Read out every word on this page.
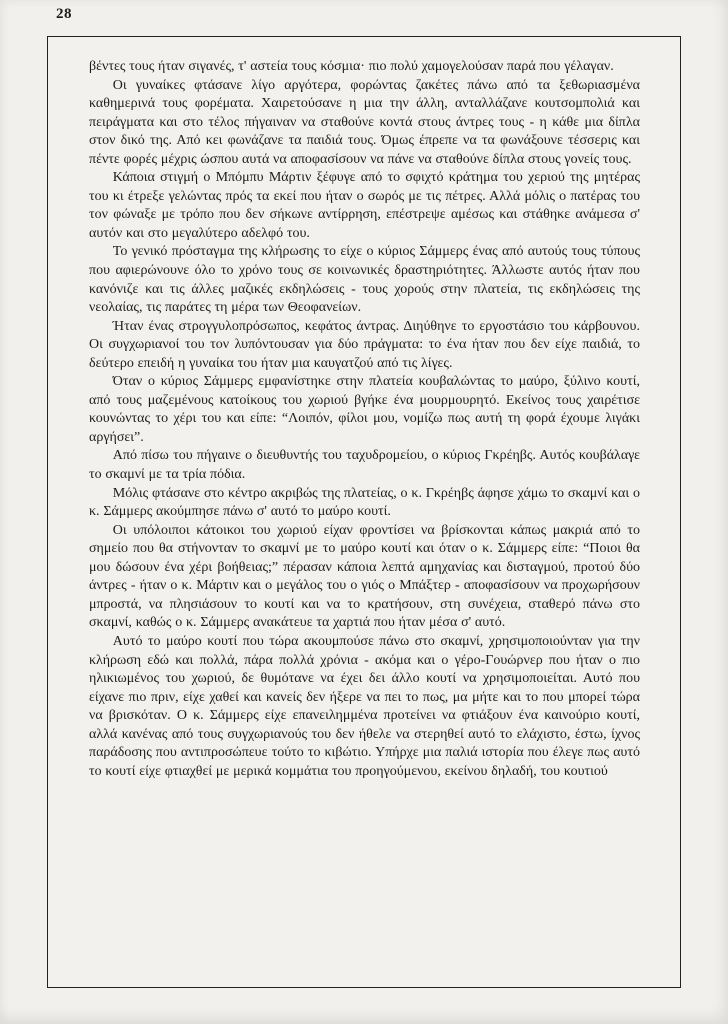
28

βέντες τους ήταν σιγανές, τ' αστεία τους κόσμια· πιο πολύ χαμογελούσαν παρά που γέλαγαν.

Οι γυναίκες φτάσανε λίγο αργότερα, φορώντας ζακέτες πάνω από τα ξεθωριασμένα καθημερινά τους φορέματα. Χαιρετούσανε η μια την άλλη, ανταλλάζανε κουτσομπολιά και πειράγματα και στο τέλος πήγαιναν να σταθούνε κοντά στους άντρες τους - η κάθε μια δίπλα στον δικό της. Από κει φωνάζανε τα παιδιά τους. Όμως έπρεπε να τα φωνάξουνε τέσσερις και πέντε φορές μέχρις ώσπου αυτά να αποφασίσουν να πάνε να σταθούνε δίπλα στους γονείς τους.

Κάποια στιγμή ο Μπόμπυ Μάρτιν ξέφυγε από το σφιχτό κράτημα του χεριού της μητέρας του κι έτρεξε γελώντας πρός τα εκεί που ήταν ο σωρός με τις πέτρες. Αλλά μόλις ο πατέρας του τον φώναξε με τρόπο που δεν σήκωνε αντίρρηση, επέστρεψε αμέσως και στάθηκε ανάμεσα σ' αυτόν και στο μεγαλύτερο αδελφό του.

Το γενικό πρόσταγμα της κλήρωσης το είχε ο κύριος Σάμμερς ένας από αυτούς τους τύπους που αφιερώνουνε όλο το χρόνο τους σε κοινωνικές δραστηριότητες. Άλλωστε αυτός ήταν που κανόνιζε και τις άλλες μαζικές εκδηλώσεις - τους χορούς στην πλατεία, τις εκδηλώσεις της νεολαίας, τις παράτες τη μέρα των Θεοφανείων.

Ήταν ένας στρογγυλοπρόσωπος, κεφάτος άντρας. Διηύθηνε το εργοστάσιο του κάρβουνου. Οι συγχωριανοί του τον λυπόντουσαν για δύο πράγματα: το ένα ήταν που δεν είχε παιδιά, το δεύτερο επειδή η γυναίκα του ήταν μια καυγατζού από τις λίγες.

Όταν ο κύριος Σάμμερς εμφανίστηκε στην πλατεία κουβαλώντας το μαύρο, ξύλινο κουτί, από τους μαζεμένους κατοίκους του χωριού βγήκε ένα μουρμουρητό. Εκείνος τους χαιρέτισε κουνώντας το χέρι του και είπε: “Λοιπόν, φίλοι μου, νομίζω πως αυτή τη φορά έχουμε λιγάκι αργήσει”.

Από πίσω του πήγαινε ο διευθυντής του ταχυδρομείου, ο κύριος Γκρέηβς. Αυτός κουβάλαγε το σκαμνί με τα τρία πόδια.

Μόλις φτάσανε στο κέντρο ακριβώς της πλατείας, ο κ. Γκρέηβς άφησε χάμω το σκαμνί και ο κ. Σάμμερς ακούμπησε πάνω σ' αυτό το μαύρο κουτί.

Οι υπόλοιποι κάτοικοι του χωριού είχαν φροντίσει να βρίσκονται κάπως μακριά από το σημείο που θα στήνονταν το σκαμνί με το μαύρο κουτί και όταν ο κ. Σάμμερς είπε: “Ποιοι θα μου δώσουν ένα χέρι βοήθειας;” πέρασαν κάποια λεπτά αμηχανίας και δισταγμού, προτού δύο άντρες - ήταν ο κ. Μάρτιν και ο μεγάλος του ο γιός ο Μπάξτερ - αποφασίσουν να προχωρήσουν μπροστά, να πλησιάσουν το κουτί και να το κρατήσουν, στη συνέχεια, σταθερό πάνω στο σκαμνί, καθώς ο κ. Σάμμερς ανακάτευε τα χαρτιά που ήταν μέσα σ' αυτό.

Αυτό το μαύρο κουτί που τώρα ακουμπούσε πάνω στο σκαμνί, χρησιμοποιούνταν για την κλήρωση εδώ και πολλά, πάρα πολλά χρόνια - ακόμα και ο γέρο-Γουώρνερ που ήταν ο πιο ηλικιωμένος του χωριού, δε θυμότανε να έχει δει άλλο κουτί να χρησιμοποιείται. Αυτό που είχανε πιο πριν, είχε χαθεί και κανείς δεν ήξερε να πει το πως, μα μήτε και το που μπορεί τώρα να βρισκόταν. Ο κ. Σάμμερς είχε επανειλημμένα προτείνει να φτιάξουν ένα καινούριο κουτί, αλλά κανένας από τους συγχωριανούς του δεν ήθελε να στερηθεί αυτό το ελάχιστο, έστω, ίχνος παράδοσης που αντιπροσώπευε τούτο το κιβώτιο. Υπήρχε μια παλιά ιστορία που έλεγε πως αυτό το κουτί είχε φτιαχθεί με μερικά κομμάτια του προηγούμενου, εκείνου δηλαδή, του κουτιού
